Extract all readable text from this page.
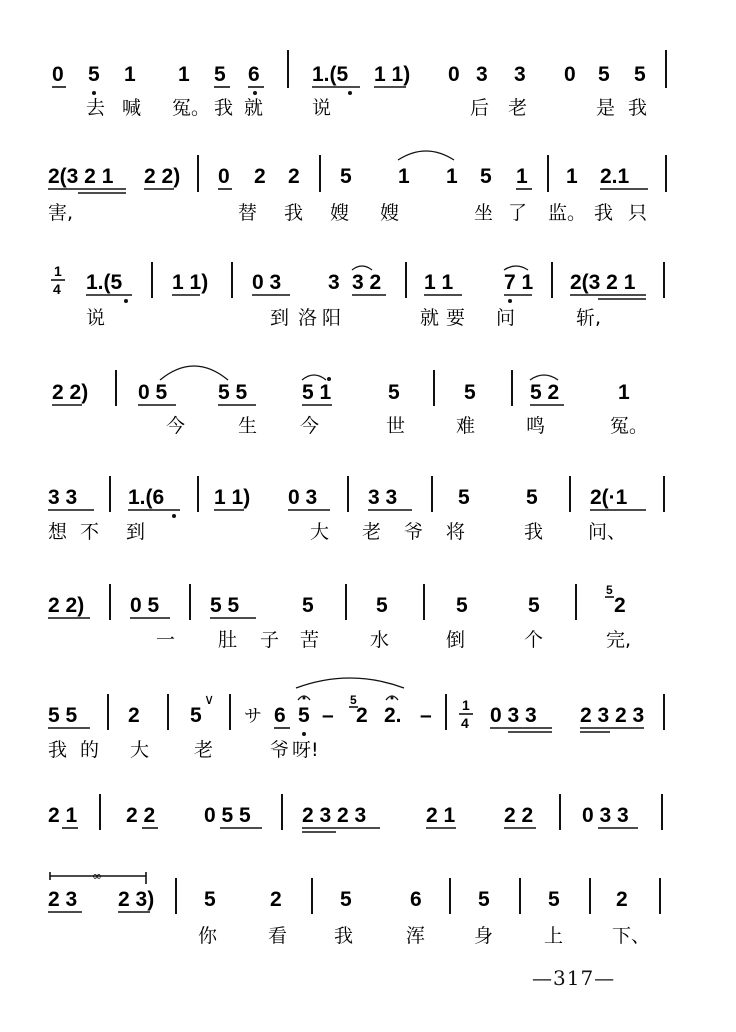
0 5 1 1 5 6 1.(5 1 1) 0 3 3 0 5 5
去 喊 冤。 我 就	说	后 老	是 我
2(3 2 1 2 2) 0 2 2 5 1 1 5 1 1 2.1
害,	替 我 嫂 嫂	坐 了 监。 我 只
1
4 1.(5 1 1) 0 3 3 3 2 1 1 7 1 2(3 2 1
说	到 洛 阳	就 要 问	斩,
2 2) 0 5 5 5	5 1	5	5	5 2	1
今	生 今	世	难	鸣	冤。
3 3 1.(6 1 1) 0 3 3 3	5	5 2(·1
想 不 到	大 老 爷 将	我 问、
2 2) 0 5 5 5	5	5	5	5
5
2
一 肚 子 苦	水	倒	个	完,
5 5 2 5
∨
サ 6 5 –
5
2 2. – 1
4 0 3 3 2 3 2 3
我 的 大 老	爷 呀!
2 1 2 2 0 5 5 2 3 2 3	2 1 2 2 0 3 3
∞
2 3 2 3) 5	2	5	6	5	5	2
你	看 我	浑	身	上	下、
—317—
